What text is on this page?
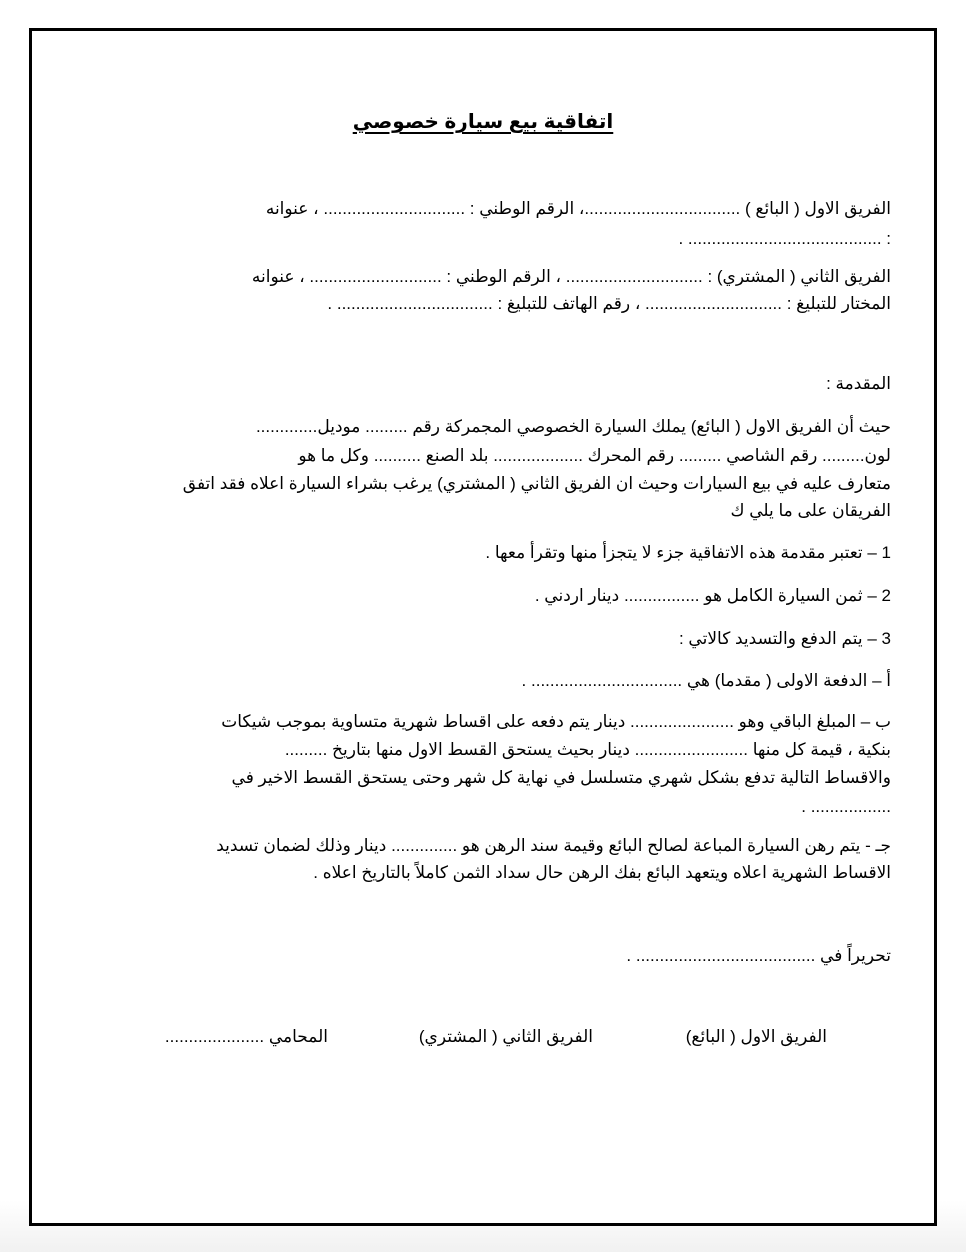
اتفاقية بيع سيارة خصوصي
الفريق الاول ( البائع ) .................................، الرقم الوطني : .............................. ، عنوانه
: ......................................... .
الفريق الثاني ( المشتري) : ............................. ، الرقم الوطني : ............................ ، عنوانه
المختار للتبليغ : ............................. ، رقم الهاتف للتبليغ : ................................. .
المقدمة :
حيث أن الفريق الاول ( البائع) يملك السيارة الخصوصي المجمركة رقم ......... موديل.............
لون......... رقم الشاصي ......... رقم المحرك ................... بلد الصنع .......... وكل ما هو
متعارف عليه في بيع السيارات وحيث ان الفريق الثاني ( المشتري) يرغب بشراء السيارة اعلاه فقد اتفق
الفريقان على ما يلي ك
1 – تعتبر مقدمة هذه الاتفاقية جزء لا يتجزأ منها وتقرأ معها .
2 – ثمن السيارة الكامل هو ................ دينار اردني .
3 – يتم الدفع والتسديد كالاتي :
أ – الدفعة الاولى ( مقدما) هي ................................ .
ب – المبلغ الباقي وهو ...................... دينار يتم دفعه على اقساط شهرية متساوية بموجب شيكات
بنكية ، قيمة كل منها ........................ دينار بحيث يستحق القسط الاول منها بتاريخ .........
والاقساط التالية تدفع بشكل شهري متسلسل في نهاية كل شهر وحتى يستحق القسط الاخير في
................. .
جـ - يتم رهن السيارة المباعة لصالح البائع وقيمة سند الرهن هو .............. دينار وذلك لضمان تسديد
الاقساط الشهرية اعلاه ويتعهد البائع بفك الرهن حال سداد الثمن كاملاً بالتاريخ اعلاه .
تحريراً في ...................................... .
الفريق الاول ( البائع)
الفريق الثاني ( المشتري)
المحامي .....................
